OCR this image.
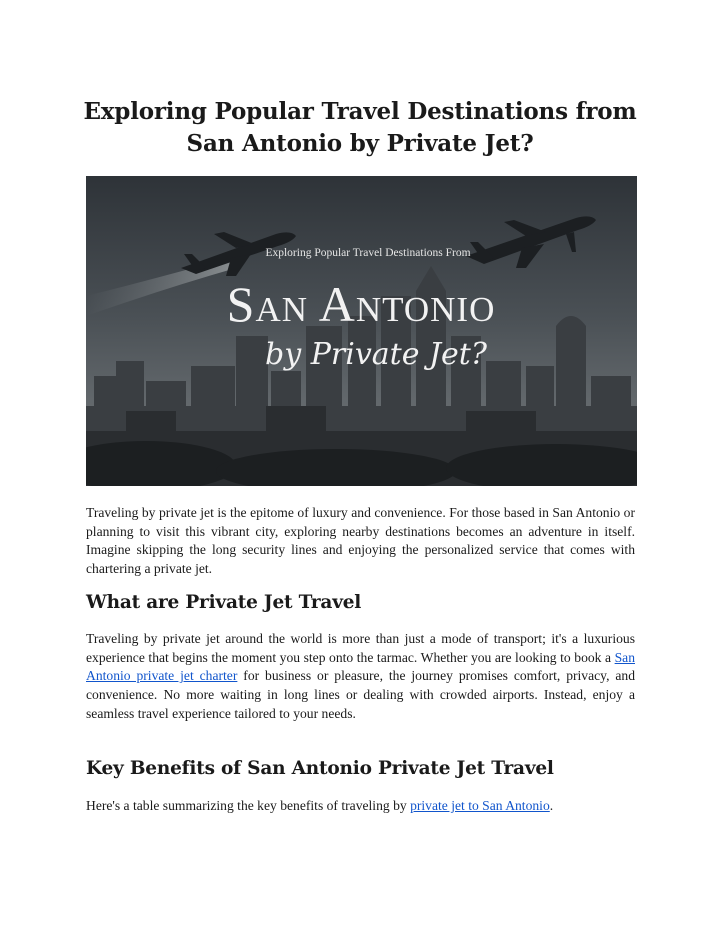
Exploring Popular Travel Destinations from
San Antonio by Private Jet?
Exploring Popular Travel Destinations From
San Antonio
by Private Jet?

Traveling by private jet is the epitome of luxury and convenience. For those based in San Antonio or planning to visit this vibrant city, exploring nearby destinations becomes an adventure in itself. Imagine skipping the long security lines and enjoying the personalized service that comes with chartering a private jet.

What are Private Jet Travel

Traveling by private jet around the world is more than just a mode of transport; it's a luxurious experience that begins the moment you step onto the tarmac. Whether you are looking to book a San Antonio private jet charter for business or pleasure, the journey promises comfort, privacy, and convenience. No more waiting in long lines or dealing with crowded airports. Instead, enjoy a seamless travel experience tailored to your needs.

Key Benefits of San Antonio Private Jet Travel

Here's a table summarizing the key benefits of traveling by private jet to San Antonio.
